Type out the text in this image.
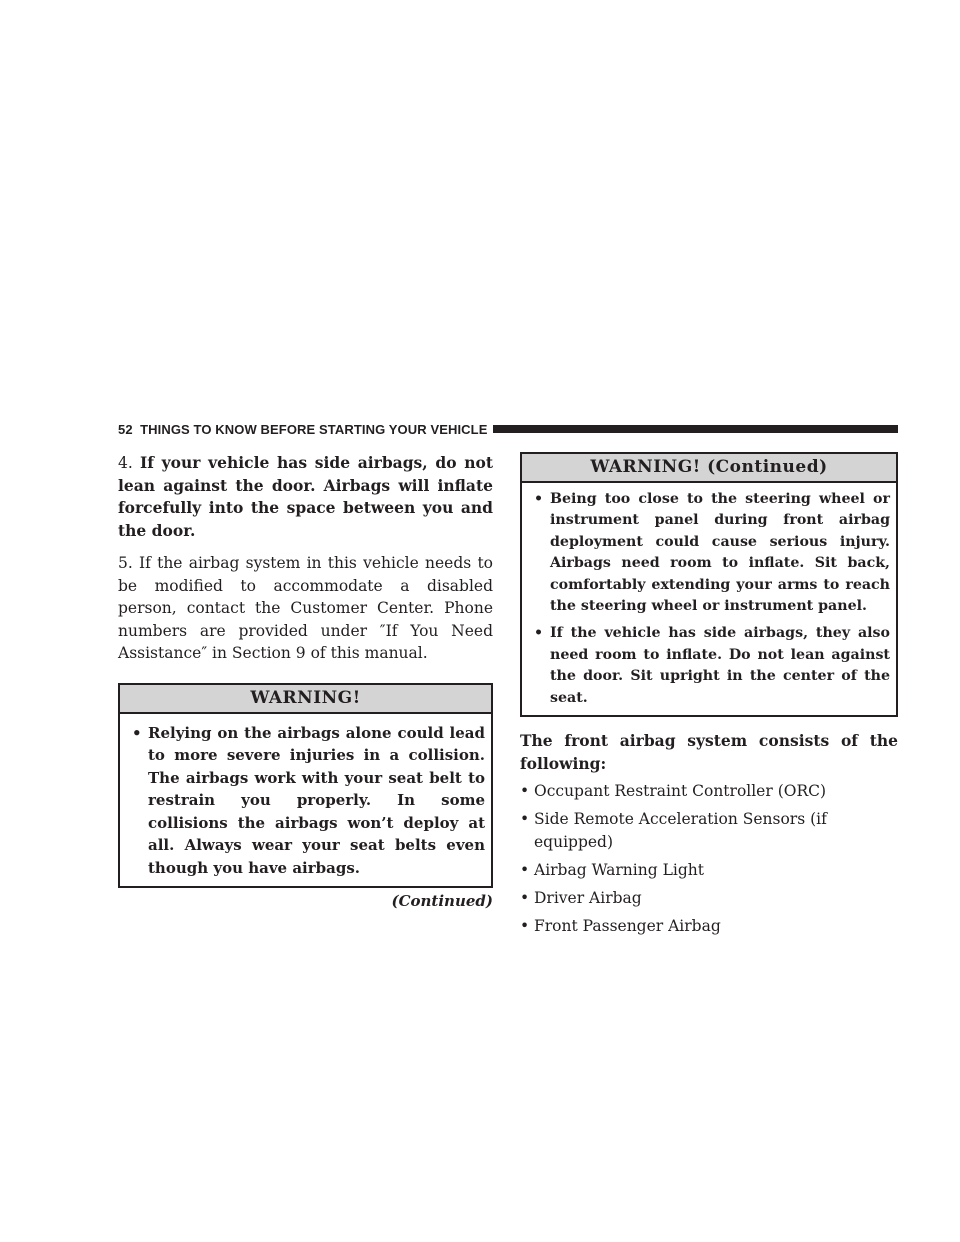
52 THINGS TO KNOW BEFORE STARTING YOUR VEHICLE

4. If your vehicle has side airbags, do not lean against the door. Airbags will inflate forcefully into the space between you and the door.

5. If the airbag system in this vehicle needs to be modified to accommodate a disabled person, contact the Customer Center. Phone numbers are provided under ″If You Need Assistance″ in Section 9 of this manual.

WARNING!
• Relying on the airbags alone could lead to more severe injuries in a collision. The airbags work with your seat belt to restrain you properly. In some collisions the airbags won’t deploy at all. Always wear your seat belts even though you have airbags.
(Continued)
WARNING! (Continued)
• Being too close to the steering wheel or instrument panel during front airbag deployment could cause serious injury. Airbags need room to inflate. Sit back, comfortably extending your arms to reach the steering wheel or instrument panel.
• If the vehicle has side airbags, they also need room to inflate. Do not lean against the door. Sit upright in the center of the seat.

The front airbag system consists of the following:

• Occupant Restraint Controller (ORC)
• Side Remote Acceleration Sensors (if equipped)
• Airbag Warning Light
• Driver Airbag
• Front Passenger Airbag
